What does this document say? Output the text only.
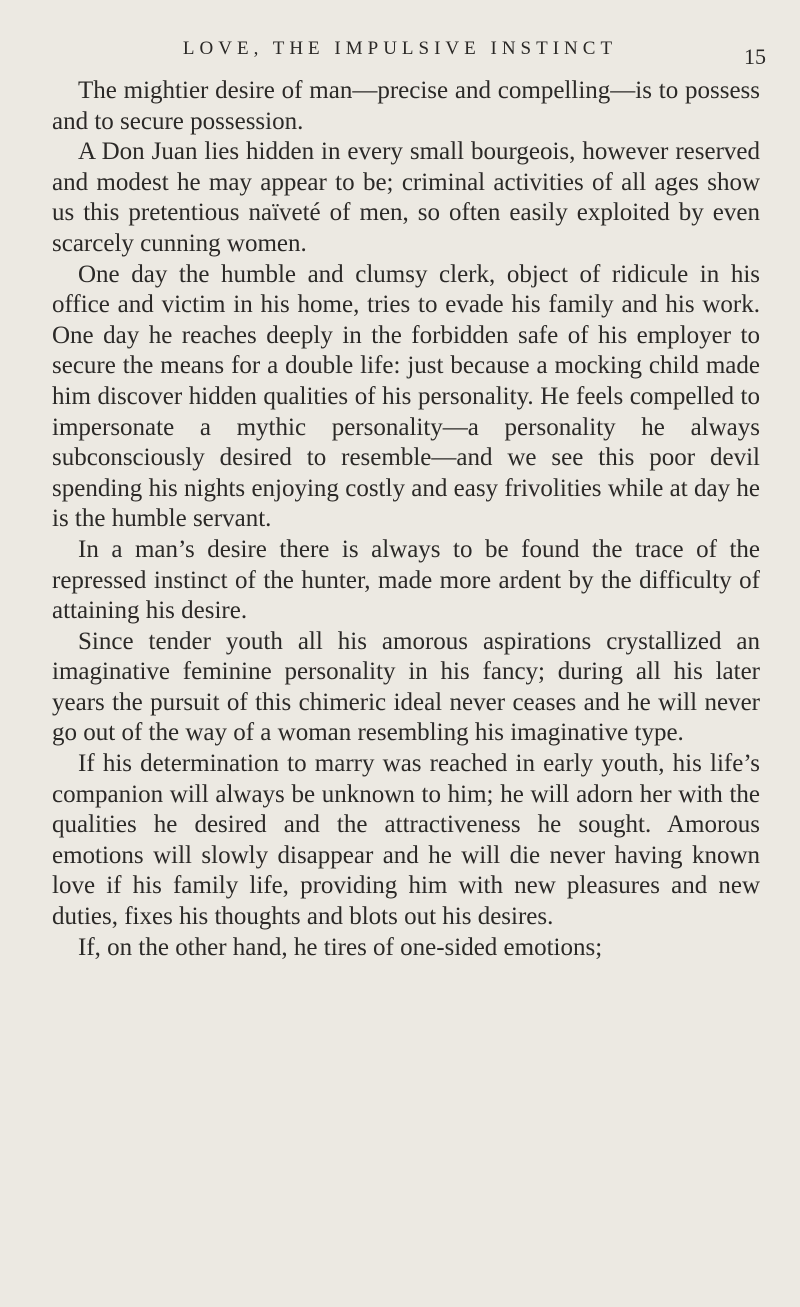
LOVE, THE IMPULSIVE INSTINCT	15

The mightier desire of man—precise and compelling—is to possess and to secure possession.

A Don Juan lies hidden in every small bourgeois, however reserved and modest he may appear to be; criminal activities of all ages show us this pretentious naïveté of men, so often easily exploited by even scarcely cunning women.

One day the humble and clumsy clerk, object of ridicule in his office and victim in his home, tries to evade his family and his work. One day he reaches deeply in the forbidden safe of his employer to secure the means for a double life: just because a mocking child made him discover hidden qualities of his personality. He feels compelled to impersonate a mythic personality—a personality he always subconsciously desired to resemble—and we see this poor devil spending his nights enjoying costly and easy frivolities while at day he is the humble servant.

In a man’s desire there is always to be found the trace of the repressed instinct of the hunter, made more ardent by the difficulty of attaining his desire.

Since tender youth all his amorous aspirations crystallized an imaginative feminine personality in his fancy; during all his later years the pursuit of this chimeric ideal never ceases and he will never go out of the way of a woman resembling his imaginative type.

If his determination to marry was reached in early youth, his life’s companion will always be unknown to him; he will adorn her with the qualities he desired and the attractiveness he sought. Amorous emotions will slowly disappear and he will die never having known love if his family life, providing him with new pleasures and new duties, fixes his thoughts and blots out his desires.

If, on the other hand, he tires of one-sided emotions;
